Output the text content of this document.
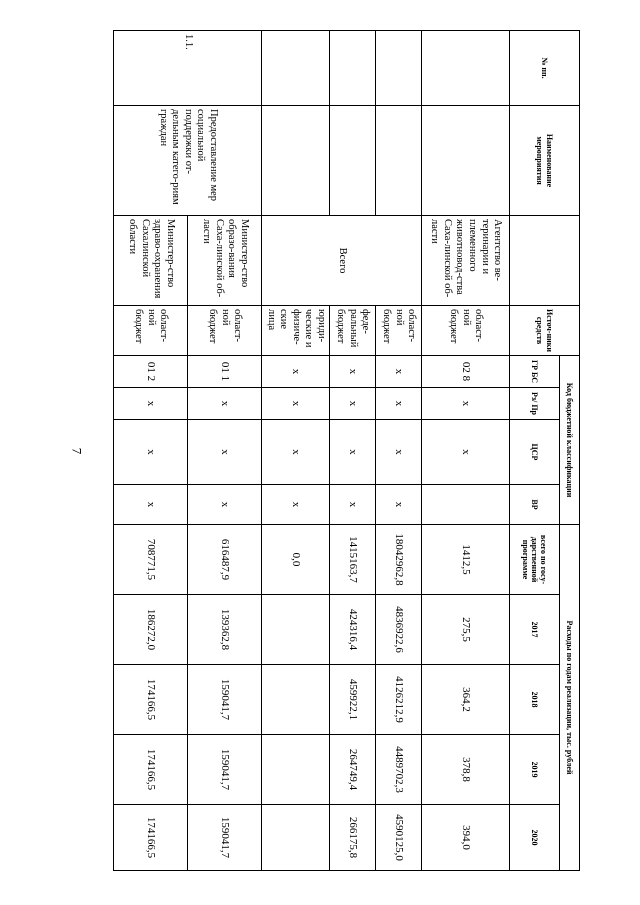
7
№ пп.	Наименование мероприятия		Источ-ники средств	Код бюджетной классификации				Расходы по годам реализации, тыс. рублей				
				ГР БС	Рз/ Пр	ЦСР	ВР	всего по госу-дарственной программе	2017	2018	2019	2020
		Агентство ве-теринарии и племенного животновод-ства Саха-линской об-ласти	област-ной бюджет	02 8	х	х		1412,5	275,5	364,2	378,8	394,0
		Всего	област-ной бюджет	х	х	х	х	18042962,8	4836922,6	4126212,9	4489702,3	4590125,0
			феде-ральный бюджет	х	х	х	х	1415163,7	424316,4	459922,1	264749,4	266175,8
			юриди-ческие и физиче-ские лица	х	х	х	х	0,0				
1.1.	Предоставление мер социальной поддержки от-дельным катего-риям граждан	Министер-ство образо-вания Саха-линской об-ласти	област-ной бюджет	01 1	х	х	х	616487,9	139362,8	159041,7	159041,7	159041,7
		Министер-ство здраво-охранения Сахалинской области	област-ной бюджет	01 2	х	х	х	708771,5	186272,0	174166,5	174166,5	174166,5
